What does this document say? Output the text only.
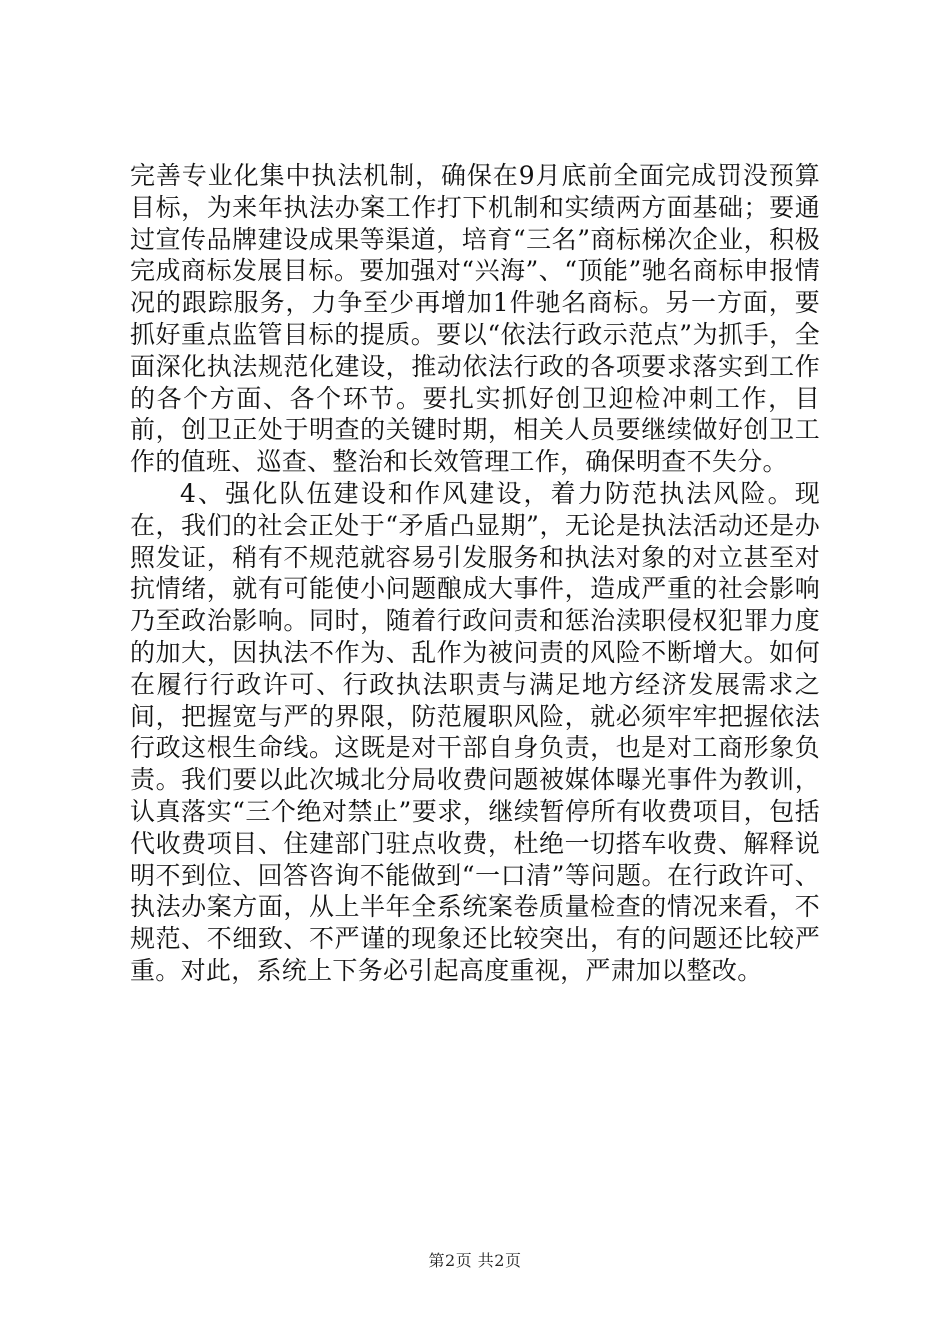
完善专业化集中执法机制，确保在9月底前全面完成罚没预算目标，为来年执法办案工作打下机制和实绩两方面基础；要通过宣传品牌建设成果等渠道，培育“三名”商标梯次企业，积极完成商标发展目标。要加强对“兴海”、“顶能”驰名商标申报情况的跟踪服务，力争至少再增加1件驰名商标。另一方面，要抓好重点监管目标的提质。要以“依法行政示范点”为抓手，全面深化执法规范化建设，推动依法行政的各项要求落实到工作的各个方面、各个环节。要扎实抓好创卫迎检冲刺工作，目前，创卫正处于明查的关键时期，相关人员要继续做好创卫工作的值班、巡查、整治和长效管理工作，确保明查不失分。

4、强化队伍建设和作风建设，着力防范执法风险。现在，我们的社会正处于“矛盾凸显期”，无论是执法活动还是办照发证，稍有不规范就容易引发服务和执法对象的对立甚至对抗情绪，就有可能使小问题酿成大事件，造成严重的社会影响乃至政治影响。同时，随着行政问责和惩治渎职侵权犯罪力度的加大，因执法不作为、乱作为被问责的风险不断增大。如何在履行行政许可、行政执法职责与满足地方经济发展需求之间，把握宽与严的界限，防范履职风险，就必须牢牢把握依法行政这根生命线。这既是对干部自身负责，也是对工商形象负责。我们要以此次城北分局收费问题被媒体曝光事件为教训，认真落实“三个绝对禁止”要求，继续暂停所有收费项目，包括代收费项目、住建部门驻点收费，杜绝一切搭车收费、解释说明不到位、回答咨询不能做到“一口清”等问题。在行政许可、执法办案方面，从上半年全系统案卷质量检查的情况来看，不规范、不细致、不严谨的现象还比较突出，有的问题还比较严重。对此，系统上下务必引起高度重视，严肃加以整改。

第2页 共2页
